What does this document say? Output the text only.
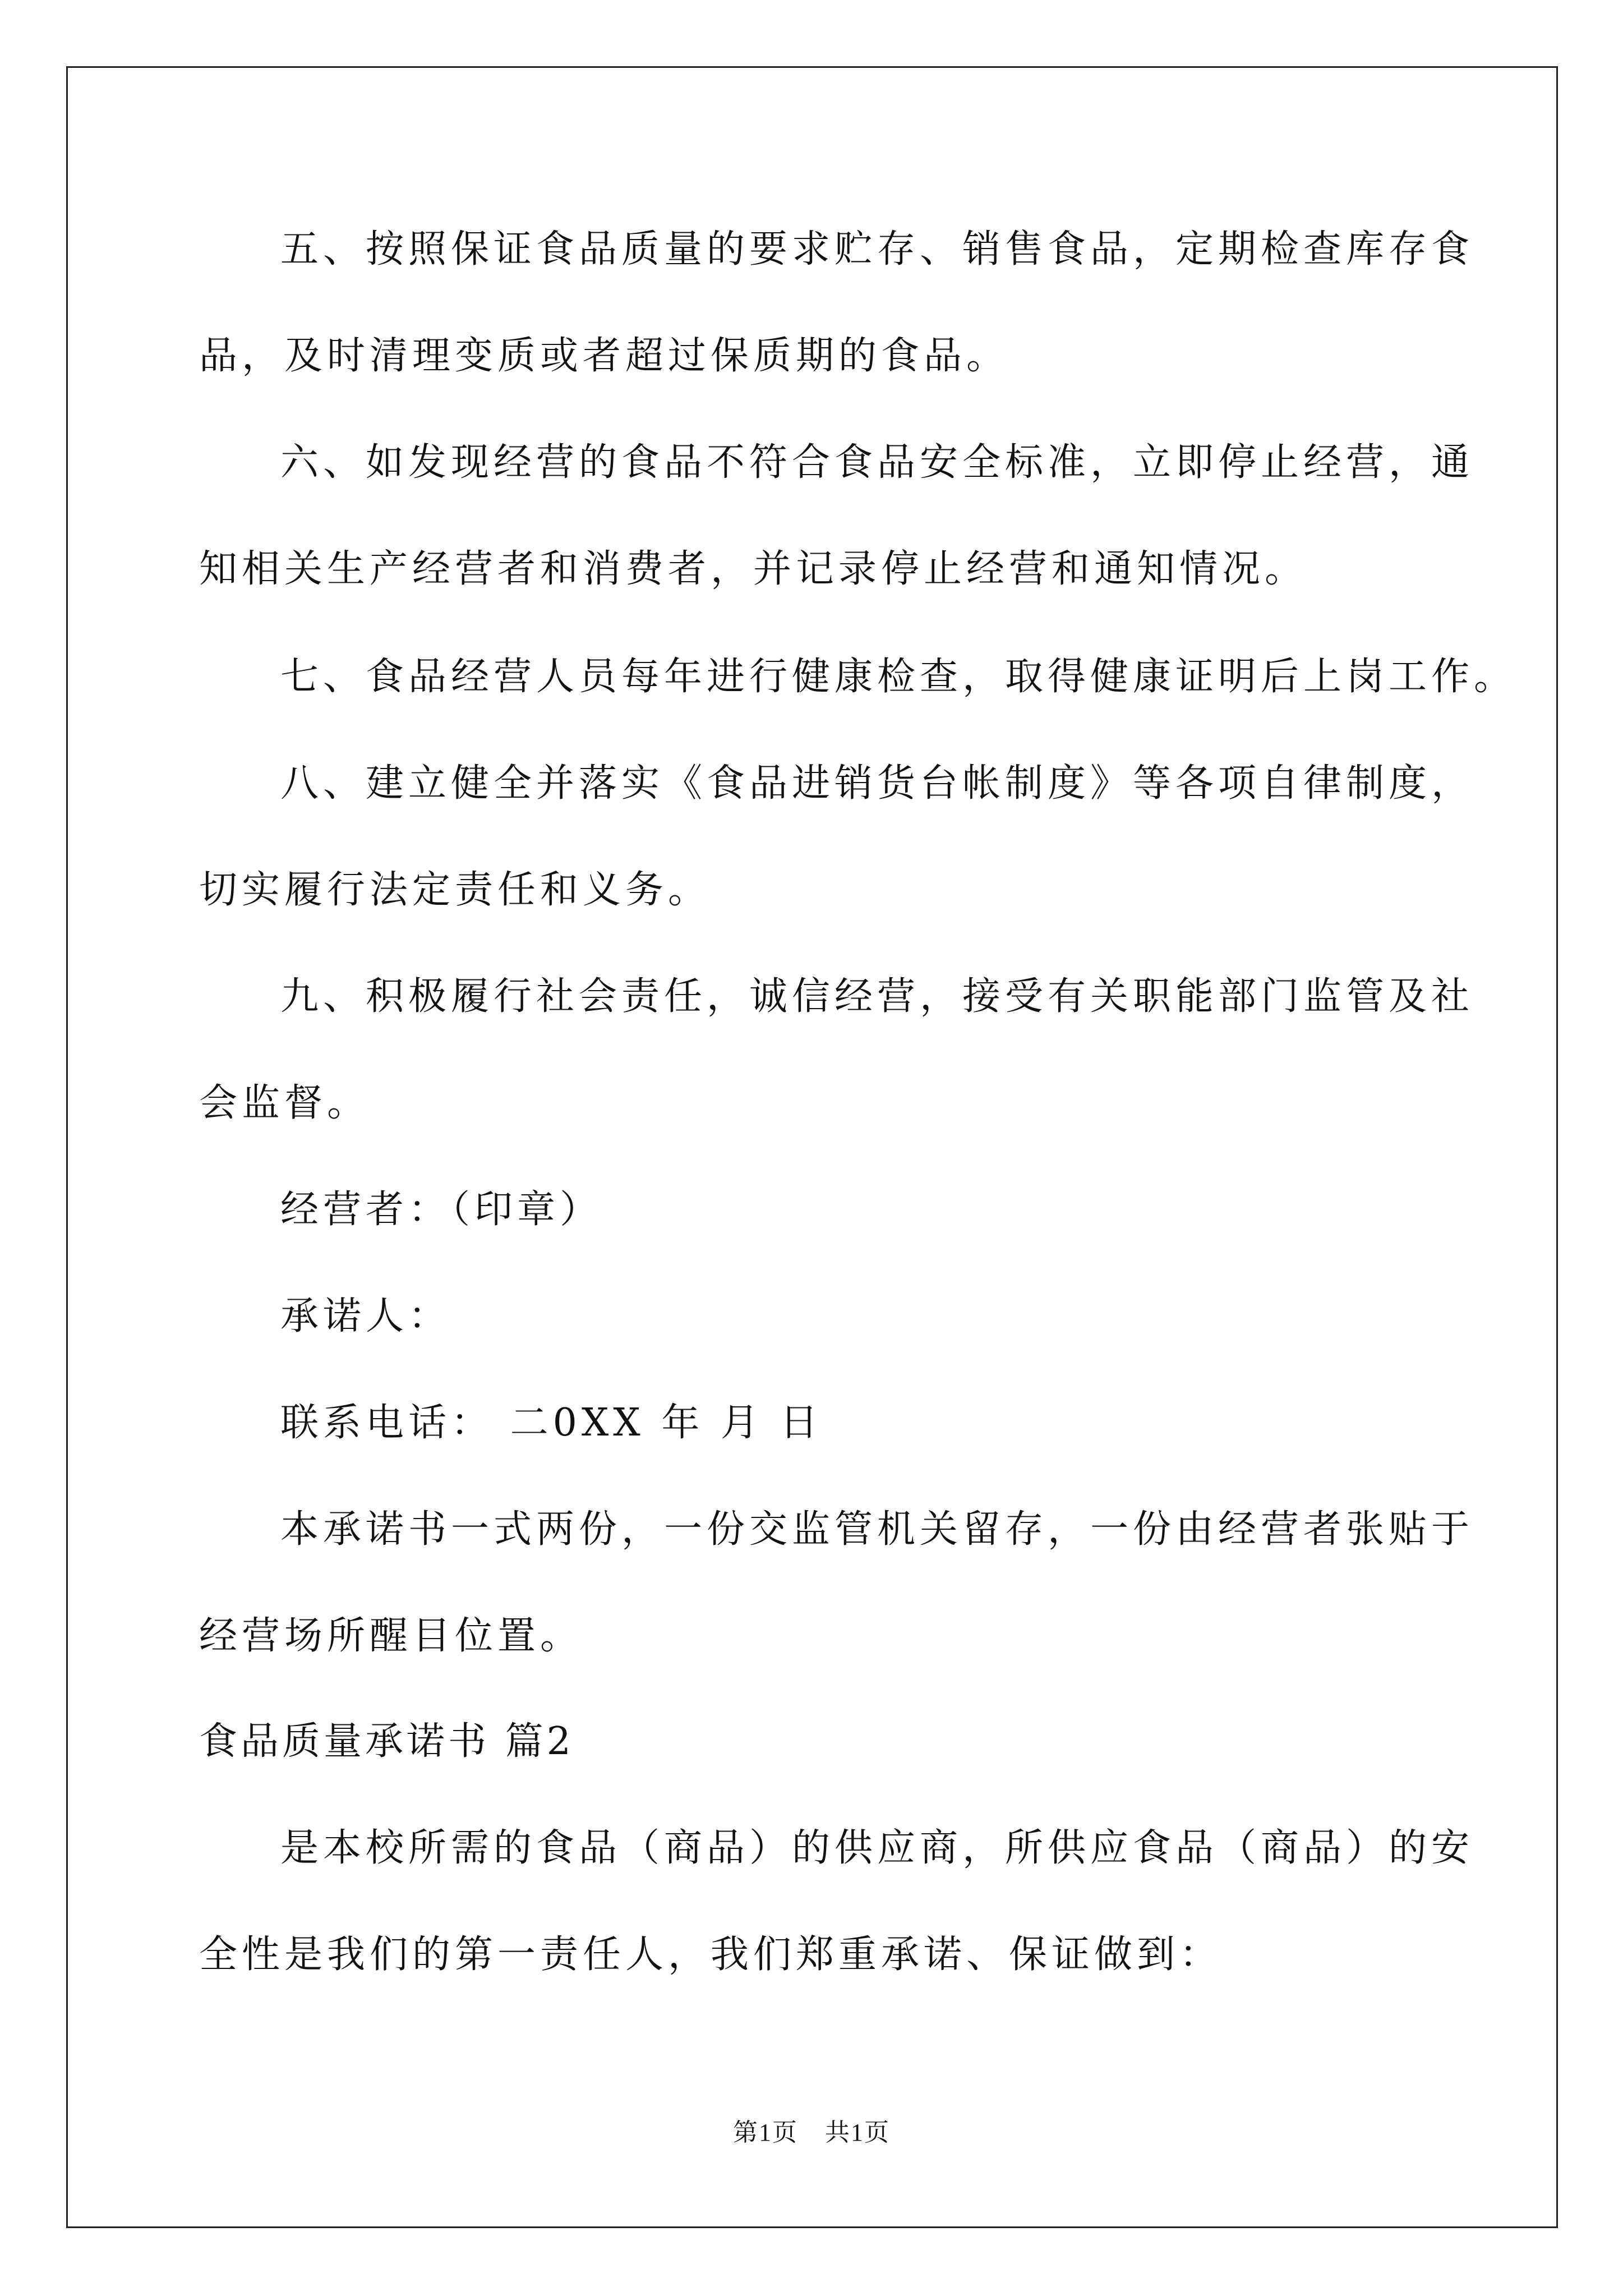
五、按照保证食品质量的要求贮存、销售食品，定期检查库存食

品，及时清理变质或者超过保质期的食品。

六、如发现经营的食品不符合食品安全标准，立即停止经营，通

知相关生产经营者和消费者，并记录停止经营和通知情况。

七、食品经营人员每年进行健康检查，取得健康证明后上岗工作。

八、建立健全并落实《食品进销货台帐制度》等各项自律制度，

切实履行法定责任和义务。

九、积极履行社会责任，诚信经营，接受有关职能部门监管及社

会监督。

经营者：（印章）

承诺人：

联系电话： 二0XX 年 月 日

本承诺书一式两份，一份交监管机关留存，一份由经营者张贴于

经营场所醒目位置。

食品质量承诺书 篇2

是本校所需的食品（商品）的供应商，所供应食品（商品）的安

全性是我们的第一责任人，我们郑重承诺、保证做到：

第1页 共1页
